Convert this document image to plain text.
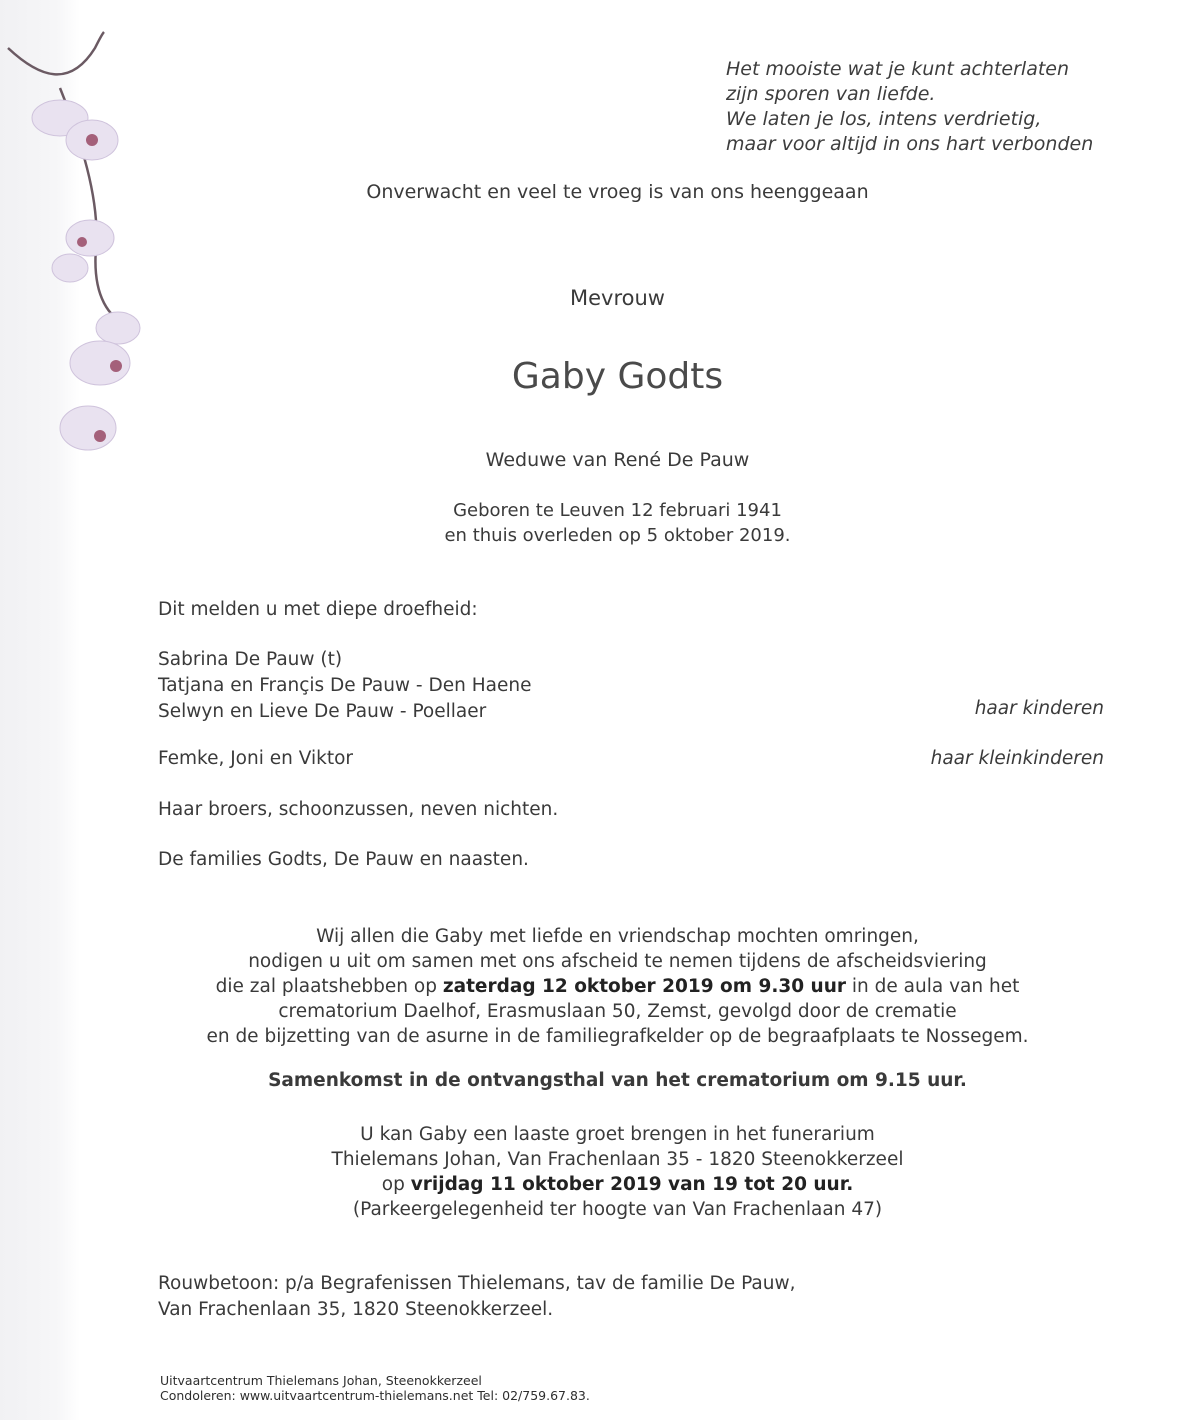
Het mooiste wat je kunt achterlaten
zijn sporen van liefde.
We laten je los, intens verdrietig,
maar voor altijd in ons hart verbonden
Onverwacht en veel te vroeg is van ons heenggeaan
Mevrouw
Gaby Godts
Weduwe van René De Pauw
Geboren te Leuven 12 februari 1941
en thuis overleden op 5 oktober 2019.
Dit melden u met diepe droefheid:
Sabrina De Pauw (t)
Tatjana en Françis De Pauw - Den Haene
Selwyn en Lieve De Pauw - Poellaer	haar kinderen
Femke, Joni en Viktor	haar kleinkinderen
Haar broers, schoonzussen, neven nichten.
De families Godts, De Pauw en naasten.
Wij allen die Gaby met liefde en vriendschap mochten omringen,
nodigen u uit om samen met ons afscheid te nemen tijdens de afscheidsviering
die zal plaatshebben op zaterdag 12 oktober 2019 om 9.30 uur in de aula van het
crematorium Daelhof, Erasmuslaan 50, Zemst, gevolgd door de crematie
en de bijzetting van de asurne in de familiegrafkelder op de begraafplaats te Nossegem.
Samenkomst in de ontvangsthal van het crematorium om 9.15 uur.
U kan Gaby een laaste groet brengen in het funerarium
Thielemans Johan, Van Frachenlaan 35 - 1820 Steenokkerzeel
op vrijdag 11 oktober 2019 van 19 tot 20 uur.
(Parkeergelegenheid ter hoogte van Van Frachenlaan 47)
Rouwbetoon: p/a Begrafenissen Thielemans, tav de familie De Pauw,
Van Frachenlaan 35, 1820 Steenokkerzeel.
Uitvaartcentrum Thielemans Johan, Steenokkerzeel
Condoleren: www.uitvaartcentrum-thielemans.net Tel: 02/759.67.83.
